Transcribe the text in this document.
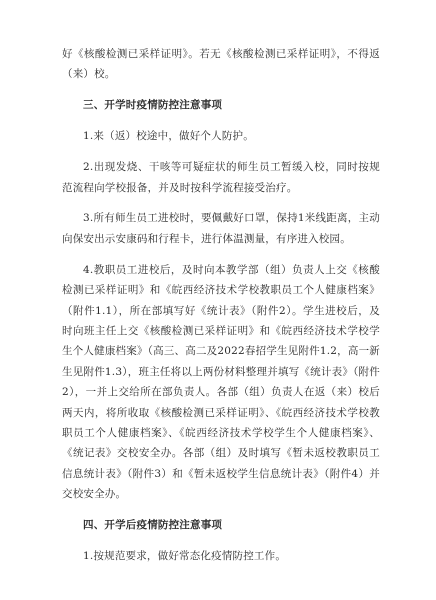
好《核酸检测已采样证明》。若无《核酸检测已采样证明》，不得返（来）校。

三、开学时疫情防控注意事项

1.来（返）校途中，做好个人防护。

2.出现发烧、干咳等可疑症状的师生员工暂缓入校，同时按规范流程向学校报备，并及时按科学流程接受治疗。

3.所有师生员工进校时，要佩戴好口罩，保持1米线距离，主动向保安出示安康码和行程卡，进行体温测量，有序进入校园。

4.教职员工进校后，及时向本教学部（组）负责人上交《核酸检测已采样证明》和《皖西经济技术学校教职员工个人健康档案》（附件1.1），所在部填写好《统计表》（附件2）。学生进校后，及时向班主任上交《核酸检测已采样证明》和《皖西经济技术学校学生个人健康档案》（高三、高二及2022春招学生见附件1.2，高一新生见附件1.3），班主任将以上两份材料整理并填写《统计表》（附件2），一并上交给所在部负责人。各部（组）负责人在返（来）校后两天内，将所收取《核酸检测已采样证明》、《皖西经济技术学校教职员工个人健康档案》、《皖西经济技术学校学生个人健康档案》、《统记表》交校安全办。各部（组）及时填写《暂未返校教职员工信息统计表》（附件3）和《暂未返校学生信息统计表》（附件4）并交校安全办。

四、开学后疫情防控注意事项

1.按规范要求，做好常态化疫情防控工作。
